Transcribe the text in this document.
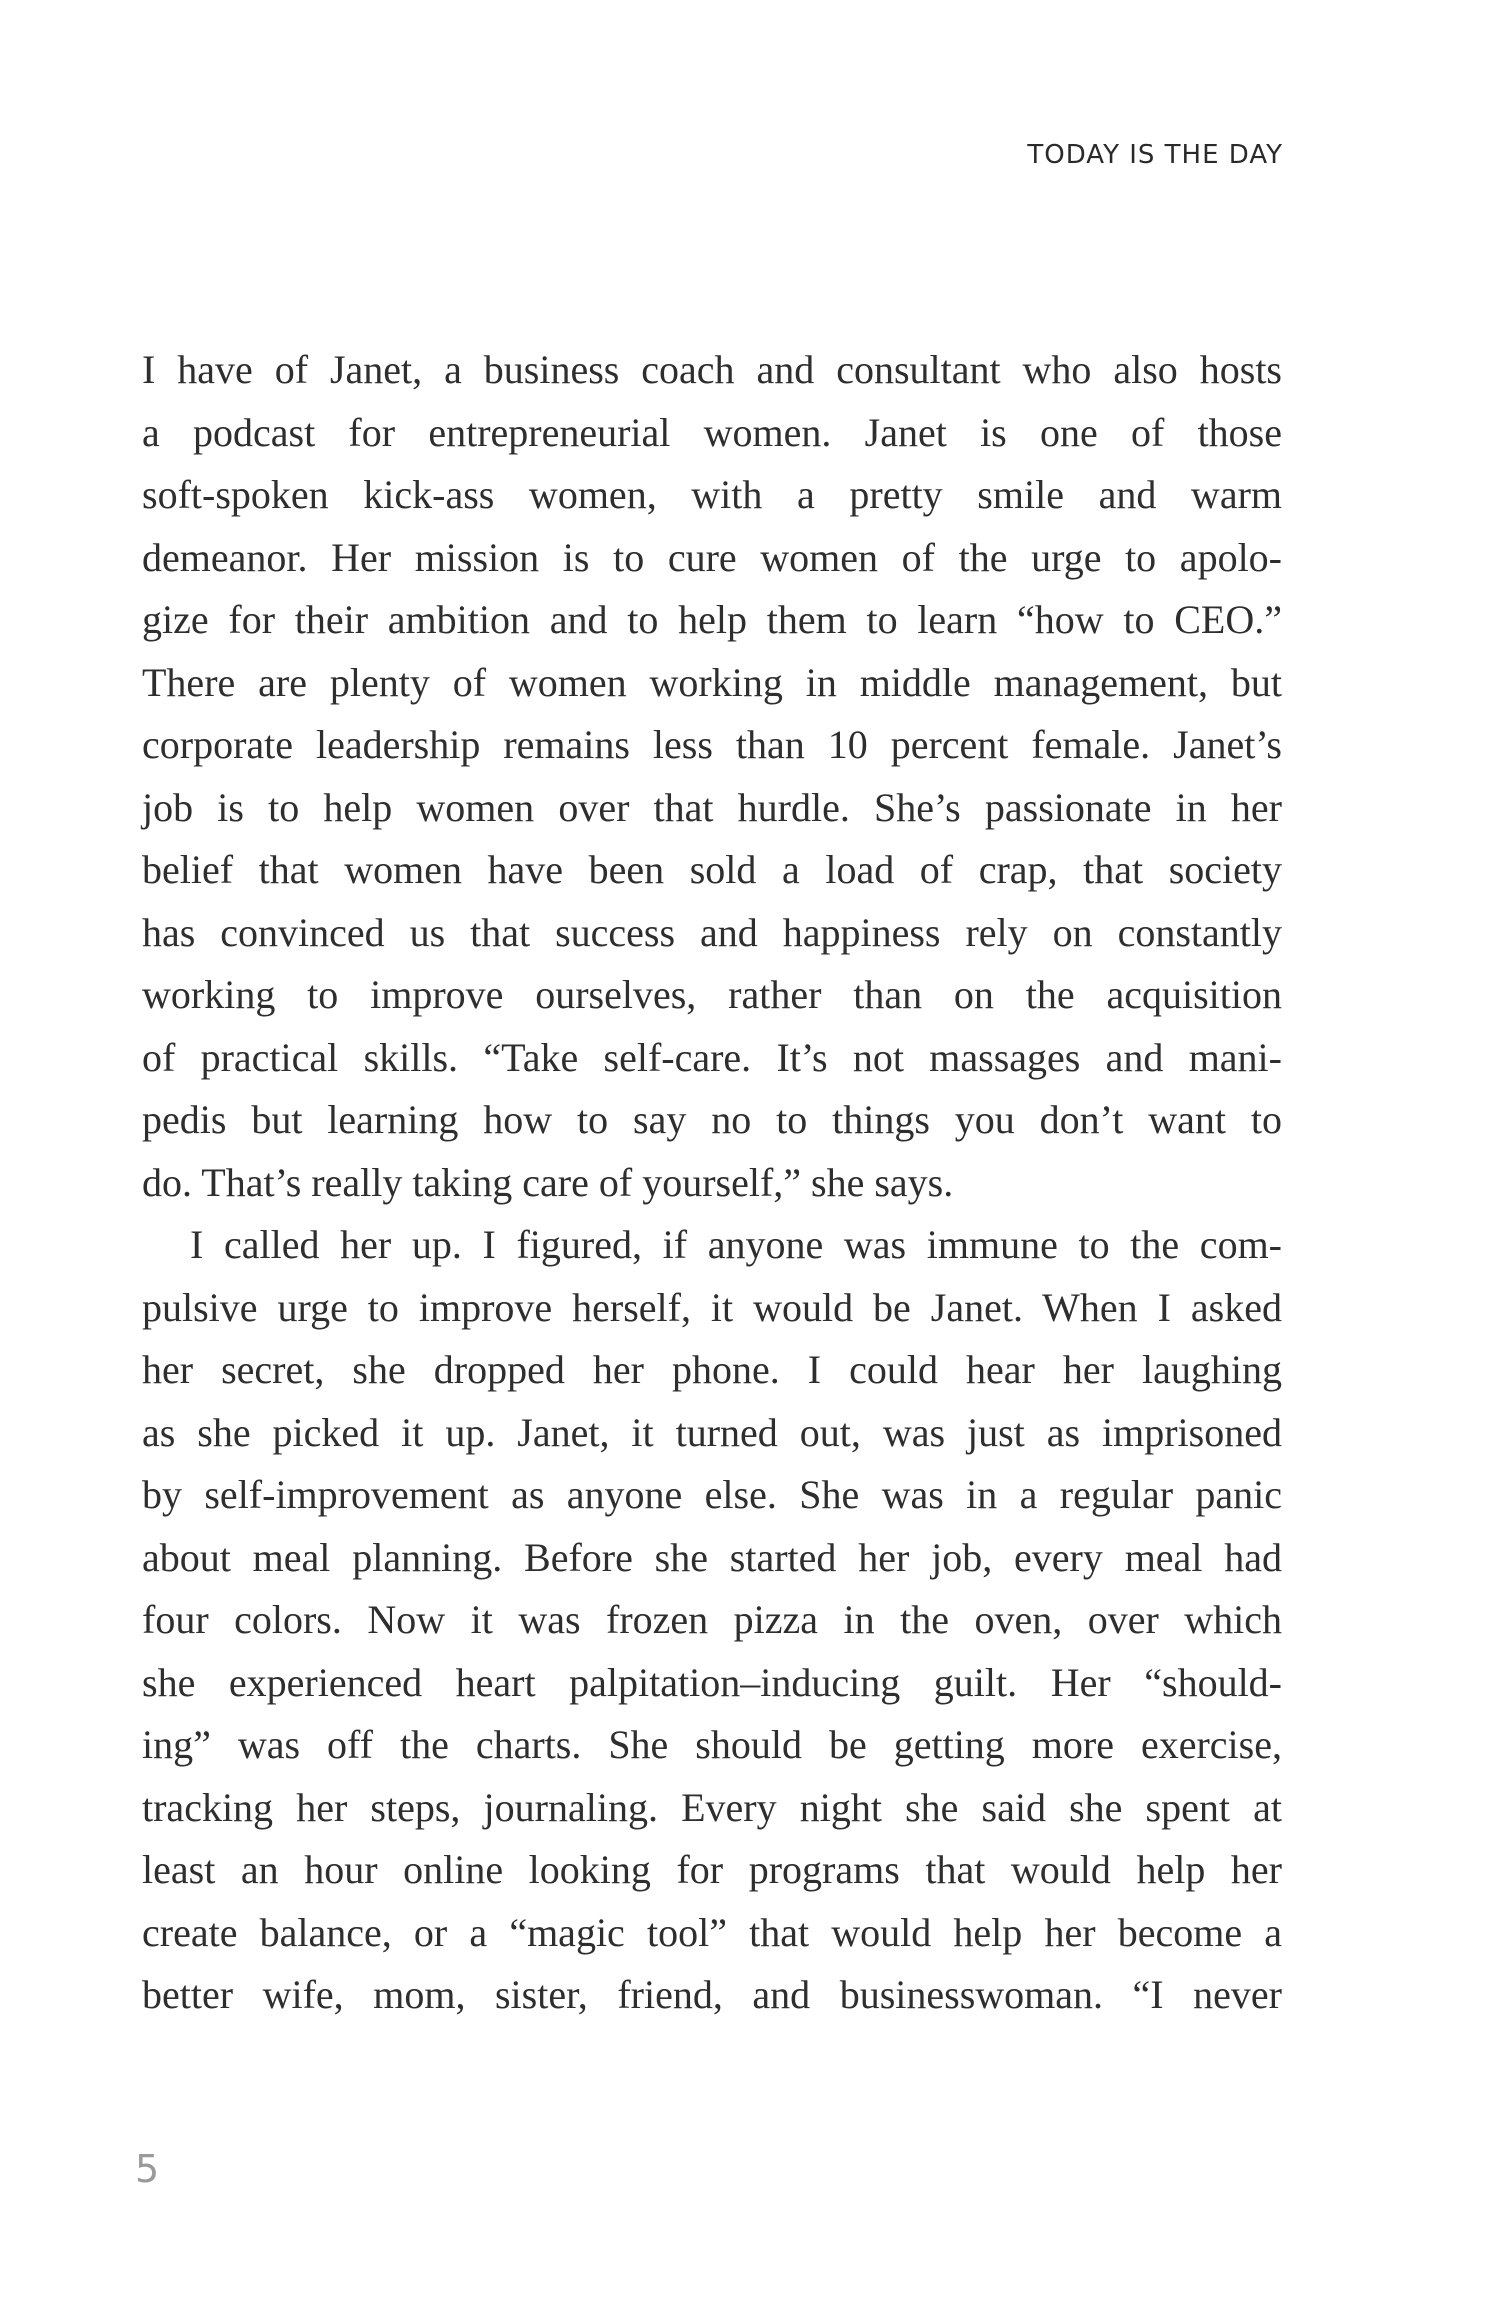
TODAY IS THE DAY
I have of Janet, a business coach and consultant who also hosts
a podcast for entrepreneurial women. Janet is one of those
soft-spoken kick-ass women, with a pretty smile and warm
demeanor. Her mission is to cure women of the urge to apolo-
gize for their ambition and to help them to learn “how to CEO.”
There are plenty of women working in middle management, but
corporate leadership remains less than 10 percent female. Janet’s
job is to help women over that hurdle. She’s passionate in her
belief that women have been sold a load of crap, that society
has convinced us that success and happiness rely on constantly
working to improve ourselves, rather than on the acquisition
of practical skills. “Take self-care. It’s not massages and mani-
pedis but learning how to say no to things you don’t want to
do. That’s really taking care of yourself,” she says.
I called her up. I figured, if anyone was immune to the com-
pulsive urge to improve herself, it would be Janet. When I asked
her secret, she dropped her phone. I could hear her laughing
as she picked it up. Janet, it turned out, was just as imprisoned
by self-improvement as anyone else. She was in a regular panic
about meal planning. Before she started her job, every meal had
four colors. Now it was frozen pizza in the oven, over which
she experienced heart palpitation–inducing guilt. Her “should-
ing” was off the charts. She should be getting more exercise,
tracking her steps, journaling. Every night she said she spent at
least an hour online looking for programs that would help her
create balance, or a “magic tool” that would help her become a
better wife, mom, sister, friend, and businesswoman. “I never
5
